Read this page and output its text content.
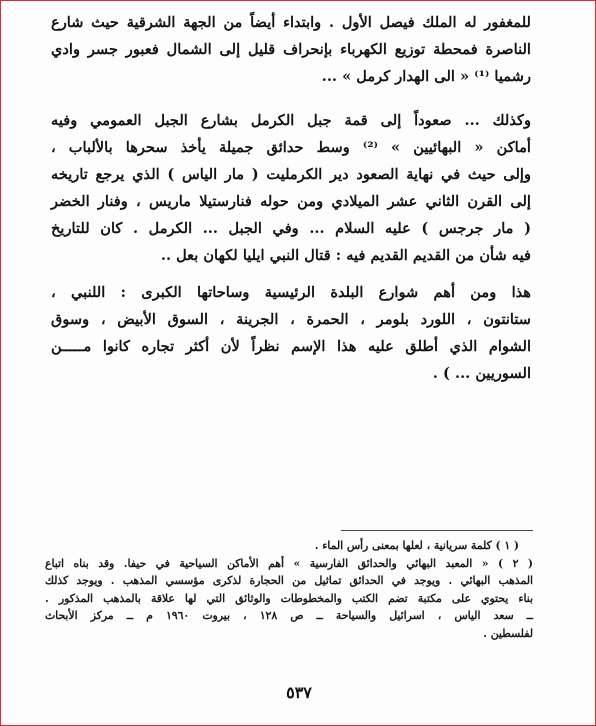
للمغفور له الملك فيصل الأول . وابتداء أيضاً من الجهة الشرقية حيث شارع
الناصرة فمحطة توزيع الكهرباء بإنحراف قليل إلى الشمال فعبور جسر وادي
رشميا ⁽¹⁾ « الى الهدار كرمل » ...
وكذلك ... صعوداً إلى قمة جبل الكرمل بشارع الجبل العمومي وفيه
أماكن « البهائيين » ⁽²⁾ وسط حدائق جميلة يأخذ سحرها بالألباب ،
وإلى حيث في نهاية الصعود دير الكرمليت ( مار الياس ) الذي يرجع تاريخه
إلى القرن الثاني عشر الميلادي ومن حوله فنارستيلا ماريس ، وفنار الخضر
( مار جرجس ) عليه السلام ... وفي الجبل ... الكرمل . كان للتاريخ
فيه شأن من القديم القديم فيه : قتال النبي ايليا لكهان بعل ..
هذا ومن أهم شوارع البلدة الرئيسية وساحاتها الكبرى : اللنبي ،
ستانتون ، اللورد بلومر ، الحمرة ، الجرينة ، السوق الأبيض ، وسوق
الشوام الذي أطلق عليه هذا الإسم نظراً لأن أكثر تجاره كانوا مـــــن
السوريين ... ) .
( ١ ) كلمة سريانية ، لعلها بمعنى رأس الماء .
( ٢ ) « المعبد البهائي والحدائق الفارسية » أهم الأماكن السياحية في حيفا. وقد بناه اتباع
المذهب البهائي . ويوجد في الحدائق تماثيل من الحجارة لذكرى مؤسسي المذهب . ويوجد كذلك
بناء يحتوي على مكتبة تضم الكتب والمخطوطات والوثائق التي لها علاقة بالمذهب المذكور .
ــ سعد الياس ، اسرائيل والسياحة ــ ص ١٢٨ ، بيروت ١٩٦٠ م ــ مركز الأبحاث
لفلسطين .
٥٣٧
